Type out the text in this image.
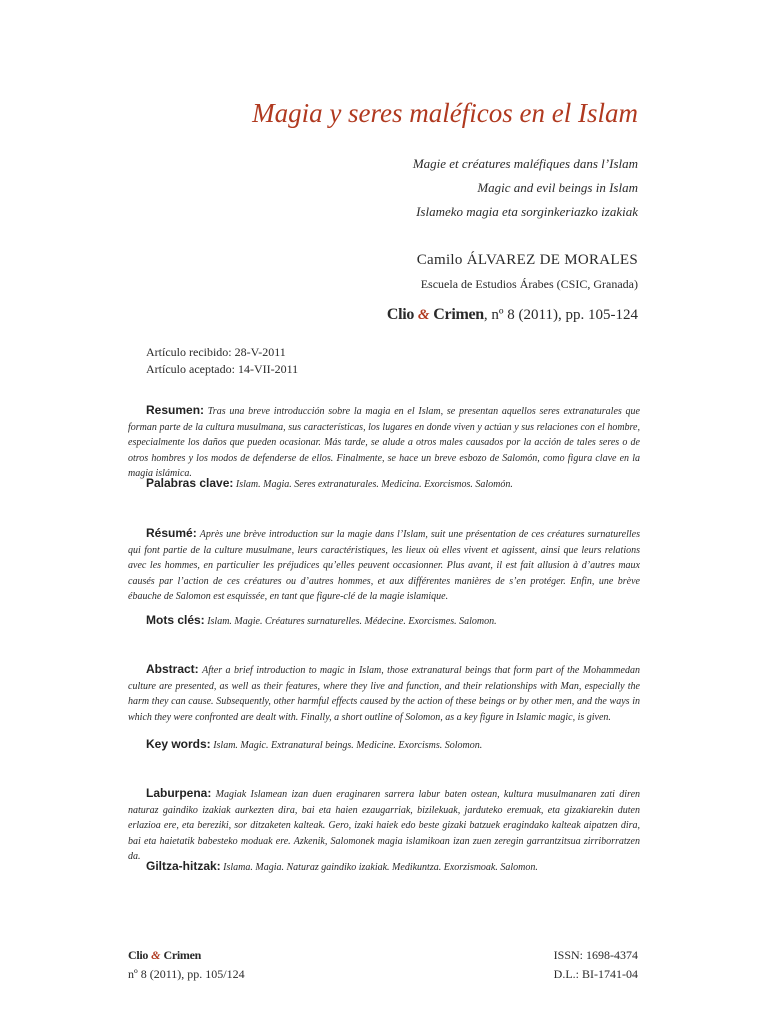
Magia y seres maléficos en el Islam
Magie et créatures maléfiques dans l’Islam
Magic and evil beings in Islam
Islameko magia eta sorginkeriazko izakiak
Camilo ÁLVAREZ DE MORALES
Escuela de Estudios Árabes (CSIC, Granada)
Clio & Crimen, nº 8 (2011), pp. 105-124
Artículo recibido: 28-V-2011
Artículo aceptado: 14-VII-2011

Resumen: Tras una breve introducción sobre la magia en el Islam, se presentan aquellos seres extranaturales que forman parte de la cultura musulmana, sus características, los lugares en donde viven y actúan y sus relaciones con el hombre, especialmente los daños que pueden ocasionar. Más tarde, se alude a otros males causados por la acción de tales seres o de otros hombres y los modos de defenderse de ellos. Finalmente, se hace un breve esbozo de Salomón, como figura clave en la magia islámica.

Palabras clave: Islam. Magia. Seres extranaturales. Medicina. Exorcismos. Salomón.

Résumé: Après une brève introduction sur la magie dans l’Islam, suit une présentation de ces créatures surnaturelles qui font partie de la culture musulmane, leurs caractéristiques, les lieux où elles vivent et agissent, ainsi que leurs relations avec les hommes, en particulier les préjudices qu’elles peuvent occasionner. Plus avant, il est fait allusion à d’autres maux causés par l’action de ces créatures ou d’autres hommes, et aux différentes manières de s’en protéger. Enfin, une brève ébauche de Salomon est esquissée, en tant que figure-clé de la magie islamique.

Mots clés: Islam. Magie. Créatures surnaturelles. Médecine. Exorcismes. Salomon.

Abstract: After a brief introduction to magic in Islam, those extranatural beings that form part of the Mohammedan culture are presented, as well as their features, where they live and function, and their relationships with Man, especially the harm they can cause. Subsequently, other harmful effects caused by the action of these beings or by other men, and the ways in which they were confronted are dealt with. Finally, a short outline of Solomon, as a key figure in Islamic magic, is given.

Key words: Islam. Magic. Extranatural beings. Medicine. Exorcisms. Solomon.

Laburpena: Magiak Islamean izan duen eraginaren sarrera labur baten ostean, kultura musulmanaren zati diren naturaz gaindiko izakiak aurkezten dira, bai eta haien ezaugarriak, bizilekuak, jarduteko eremuak, eta gizakiarekin duten erlazioa ere, eta bereziki, sor ditzaketen kalteak. Gero, izaki haiek edo beste gizaki batzuek eragindako kalteak aipatzen dira, bai eta haietatik babesteko moduak ere. Azkenik, Salomonek magia islamikoan izan zuen zeregin garrantzitsua zirriborratzen da.

Giltza-hitzak: Islama. Magia. Naturaz gaindiko izakiak. Medikuntza. Exorzismoak. Salomon.
Clio & Crimen
nº 8 (2011), pp. 105/124
ISSN: 1698-4374
D.L.: BI-1741-04
